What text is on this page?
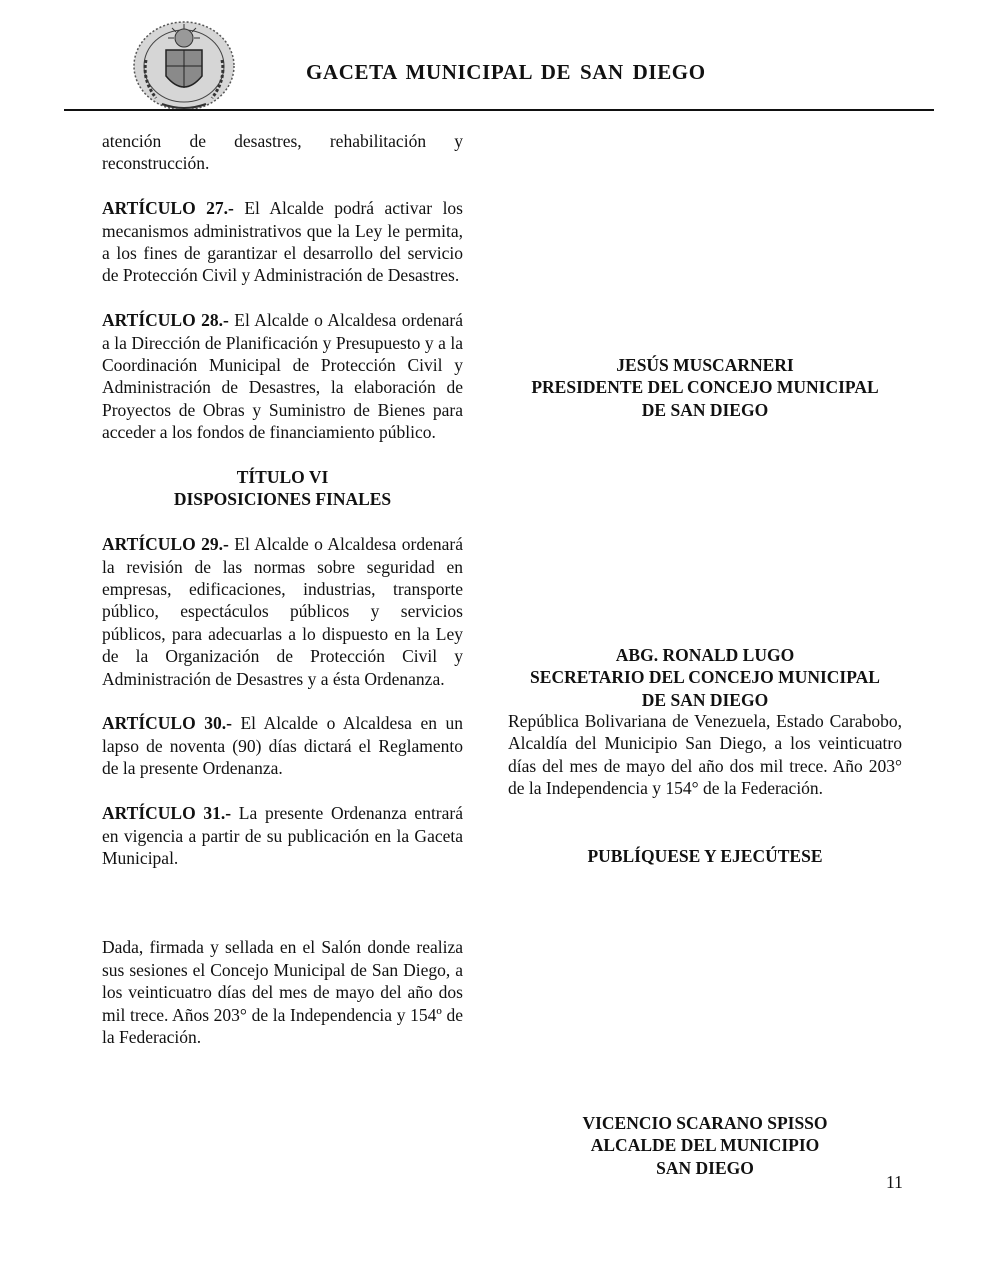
GACETA MUNICIPAL DE SAN DIEGO

atención de desastres, rehabilitación y reconstrucción.

ARTÍCULO 27.- El Alcalde podrá activar los mecanismos administrativos que la Ley le permita, a los fines de garantizar el desarrollo del servicio de Protección Civil y Administración de Desastres.

ARTÍCULO 28.- El Alcalde o Alcaldesa ordenará a la Dirección de Planificación y Presupuesto y a la Coordinación Municipal de Protección Civil y Administración de Desastres, la elaboración de Proyectos de Obras y Suministro de Bienes para acceder a los fondos de financiamiento público.

TÍTULO VI

DISPOSICIONES FINALES

ARTÍCULO 29.- El Alcalde o Alcaldesa ordenará la revisión de las normas sobre seguridad en empresas, edificaciones, industrias, transporte público, espectáculos públicos y servicios públicos, para adecuarlas a lo dispuesto en la Ley de la Organización de Protección Civil y Administración de Desastres y a ésta Ordenanza.

ARTÍCULO 30.- El Alcalde o Alcaldesa en un lapso de noventa (90) días dictará el Reglamento de la presente Ordenanza.

ARTÍCULO 31.- La presente Ordenanza entrará en vigencia a partir de su publicación en la Gaceta Municipal.

Dada, firmada y sellada en el Salón donde realiza sus sesiones el Concejo Municipal de San Diego, a los veinticuatro días del mes de mayo del año dos mil trece. Años 203° de la Independencia y 154º de la Federación.

JESÚS MUSCARNERI
PRESIDENTE DEL CONCEJO MUNICIPAL
DE SAN DIEGO
ABG. RONALD LUGO
SECRETARIO DEL CONCEJO MUNICIPAL
DE SAN DIEGO
República Bolivariana de Venezuela, Estado Carabobo, Alcaldía del Municipio San Diego, a los veinticuatro días del mes de mayo del año dos mil trece. Año 203° de la Independencia y 154° de la Federación.
PUBLÍQUESE Y EJECÚTESE
VICENCIO SCARANO SPISSO
ALCALDE DEL MUNICIPIO
SAN DIEGO
11
